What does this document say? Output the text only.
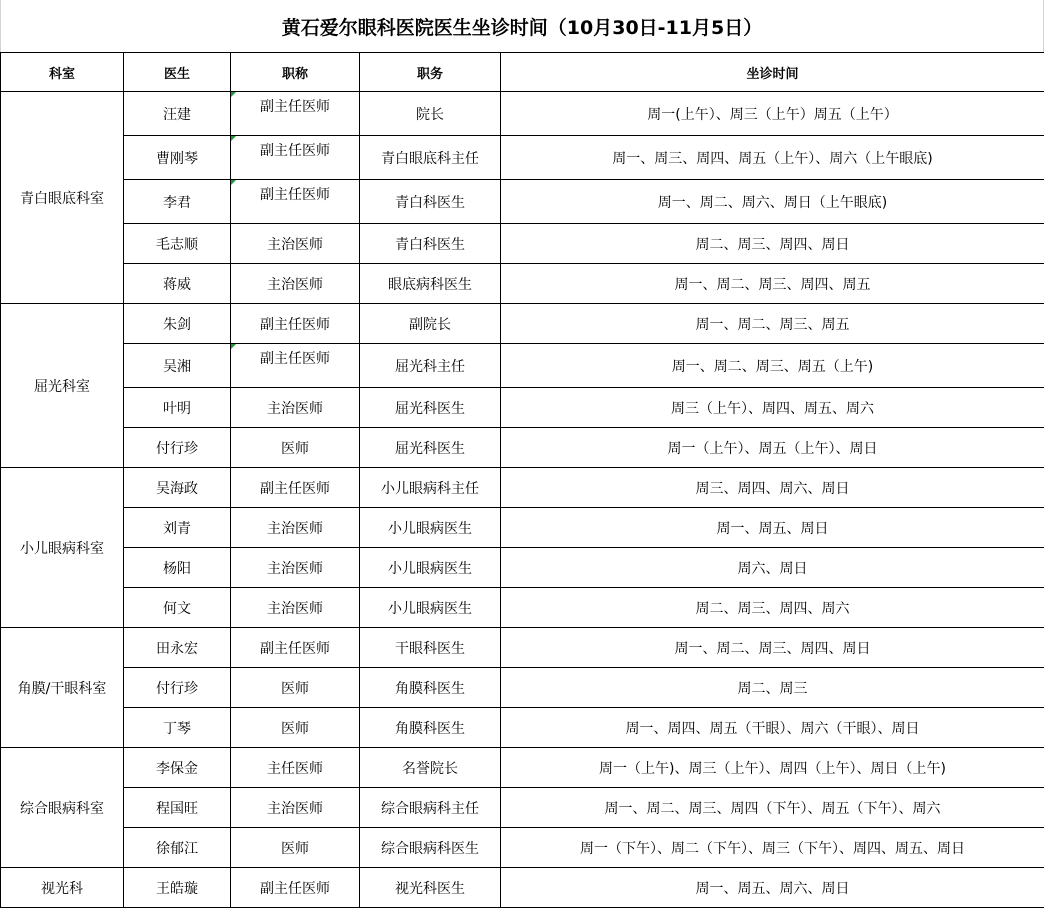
黄石爱尔眼科医院医生坐诊时间（10月30日-11月5日）
科室	医生	职称	职务	坐诊时间
青白眼底科室	汪建	副主任医师	院长	周一(上午）、周三（上午）周五（上午）
	曹刚琴	副主任医师	青白眼底科主任	周一、周三、周四、周五（上午）、周六（上午眼底)
	李君	副主任医师	青白科医生	周一、周二、周六、周日（上午眼底)
	毛志顺	主治医师	青白科医生	周二、周三、周四、周日
	蒋威	主治医师	眼底病科医生	周一、周二、周三、周四、周五
屈光科室	朱剑	副主任医师	副院长	周一、周二、周三、周五
	吴湘	副主任医师	屈光科主任	周一、周二、周三、周五（上午)
	叶明	主治医师	屈光科医生	周三（上午）、周四、周五、周六
	付行珍	医师	屈光科医生	周一（上午）、周五（上午）、周日
小儿眼病科室	吴海政	副主任医师	小儿眼病科主任	周三、周四、周六、周日
	刘青	主治医师	小儿眼病医生	周一、周五、周日
	杨阳	主治医师	小儿眼病医生	周六、周日
	何文	主治医师	小儿眼病医生	周二、周三、周四、周六
角膜/干眼科室	田永宏	副主任医师	干眼科医生	周一、周二、周三、周四、周日
	付行珍	医师	角膜科医生	周二、周三
	丁琴	医师	角膜科医生	周一、周四、周五（干眼）、周六（干眼）、周日
综合眼病科室	李保金	主任医师	名誉院长	周一（上午)、周三（上午）、周四（上午）、周日（上午)
	程国旺	主治医师	综合眼病科主任	周一、周二、周三、周四（下午）、周五（下午）、周六
	徐郁江	医师	综合眼病科医生	周一（下午）、周二（下午）、周三（下午）、周四、周五、周日
视光科	王皓璇	副主任医师	视光科医生	周一、周五、周六、周日
